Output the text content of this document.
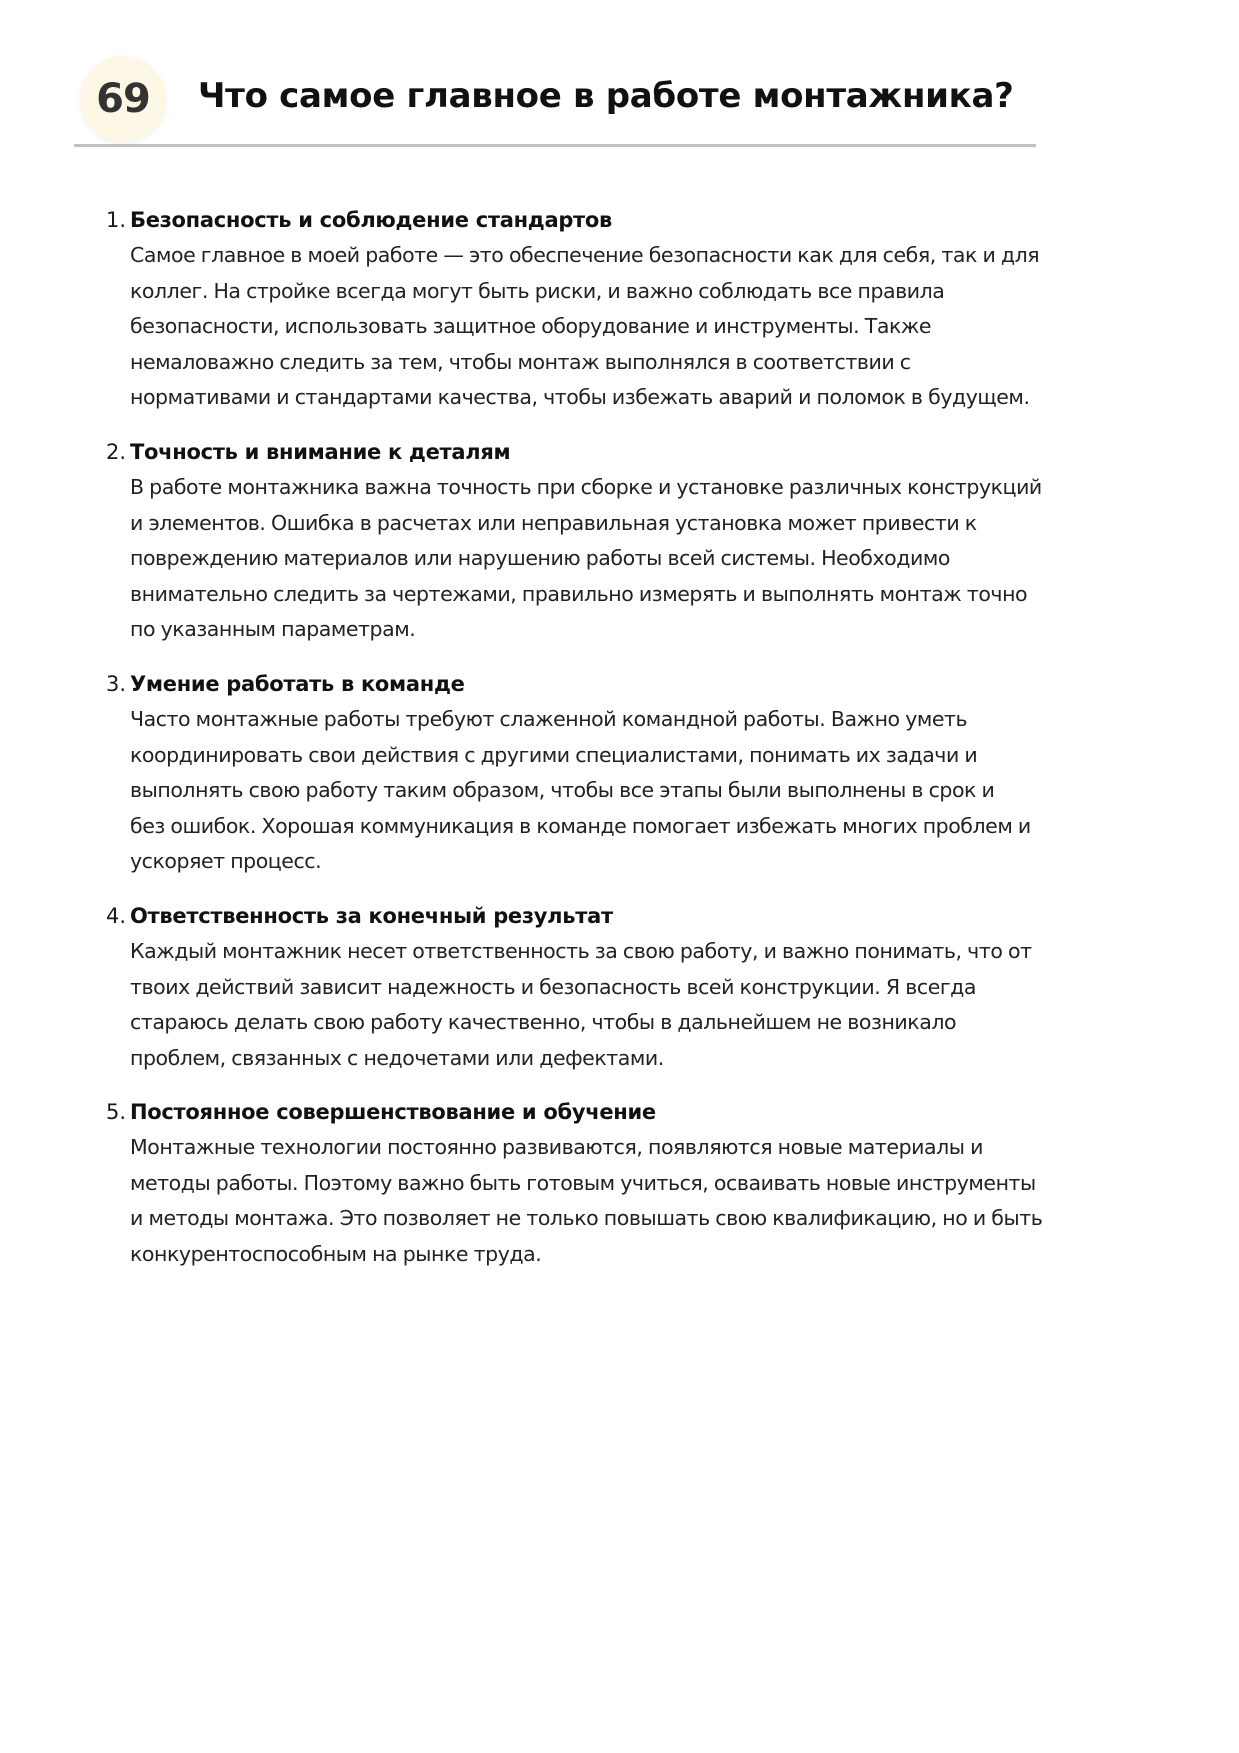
69	Что самое главное в работе монтажника?
1. Безопасность и соблюдение стандартов

Самое главное в моей работе — это обеспечение безопасности как для себя, так и для
коллег. На стройке всегда могут быть риски, и важно соблюдать все правила
безопасности, использовать защитное оборудование и инструменты. Также
немаловажно следить за тем, чтобы монтаж выполнялся в соответствии с
нормативами и стандартами качества, чтобы избежать аварий и поломок в будущем.

2. Точность и внимание к деталям

В работе монтажника важна точность при сборке и установке различных конструкций
и элементов. Ошибка в расчетах или неправильная установка может привести к
повреждению материалов или нарушению работы всей системы. Необходимо
внимательно следить за чертежами, правильно измерять и выполнять монтаж точно
по указанным параметрам.

3. Умение работать в команде

Часто монтажные работы требуют слаженной командной работы. Важно уметь
координировать свои действия с другими специалистами, понимать их задачи и
выполнять свою работу таким образом, чтобы все этапы были выполнены в срок и
без ошибок. Хорошая коммуникация в команде помогает избежать многих проблем и
ускоряет процесс.

4. Ответственность за конечный результат

Каждый монтажник несет ответственность за свою работу, и важно понимать, что от
твоих действий зависит надежность и безопасность всей конструкции. Я всегда
стараюсь делать свою работу качественно, чтобы в дальнейшем не возникало
проблем, связанных с недочетами или дефектами.

5. Постоянное совершенствование и обучение

Монтажные технологии постоянно развиваются, появляются новые материалы и
методы работы. Поэтому важно быть готовым учиться, осваивать новые инструменты
и методы монтажа. Это позволяет не только повышать свою квалификацию, но и быть
конкурентоспособным на рынке труда.
